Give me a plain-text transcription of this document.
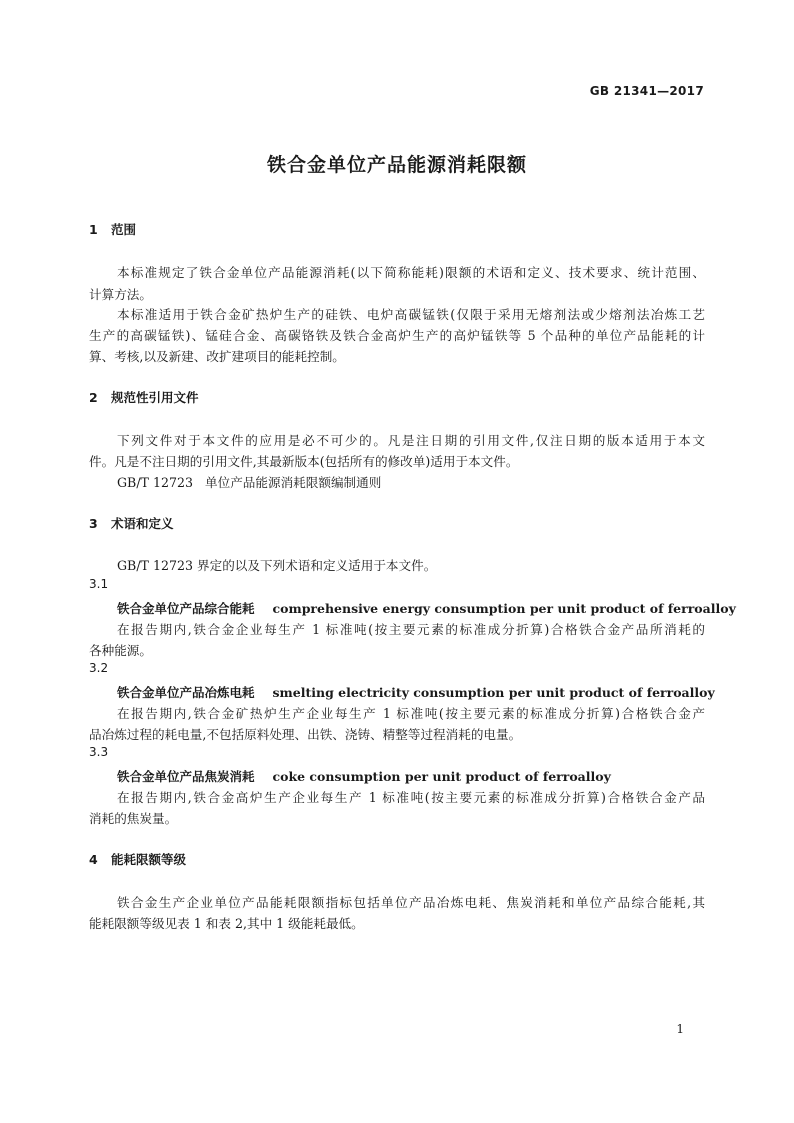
GB 21341—2017
铁合金单位产品能源消耗限额
1 范围
本标准规定了铁合金单位产品能源消耗(以下简称能耗)限额的术语和定义、技术要求、统计范围、
计算方法。
本标准适用于铁合金矿热炉生产的硅铁、电炉高碳锰铁(仅限于采用无熔剂法或少熔剂法冶炼工艺
生产的高碳锰铁)、锰硅合金、高碳铬铁及铁合金高炉生产的高炉锰铁等 5 个品种的单位产品能耗的计
算、考核,以及新建、改扩建项目的能耗控制。
2 规范性引用文件
下列文件对于本文件的应用是必不可少的。凡是注日期的引用文件,仅注日期的版本适用于本文
件。凡是不注日期的引用文件,其最新版本(包括所有的修改单)适用于本文件。
GB/T 12723 单位产品能源消耗限额编制通则
3 术语和定义
GB/T 12723 界定的以及下列术语和定义适用于本文件。
3.1
铁合金单位产品综合能耗 comprehensive energy consumption per unit product of ferroalloy
在报告期内,铁合金企业每生产 1 标准吨(按主要元素的标准成分折算)合格铁合金产品所消耗的
各种能源。
3.2
铁合金单位产品冶炼电耗 smelting electricity consumption per unit product of ferroalloy
在报告期内,铁合金矿热炉生产企业每生产 1 标准吨(按主要元素的标准成分折算)合格铁合金产
品冶炼过程的耗电量,不包括原料处理、出铁、浇铸、精整等过程消耗的电量。
3.3
铁合金单位产品焦炭消耗 coke consumption per unit product of ferroalloy
在报告期内,铁合金高炉生产企业每生产 1 标准吨(按主要元素的标准成分折算)合格铁合金产品
消耗的焦炭量。
4 能耗限额等级
铁合金生产企业单位产品能耗限额指标包括单位产品冶炼电耗、焦炭消耗和单位产品综合能耗,其
能耗限额等级见表 1 和表 2,其中 1 级能耗最低。
1
